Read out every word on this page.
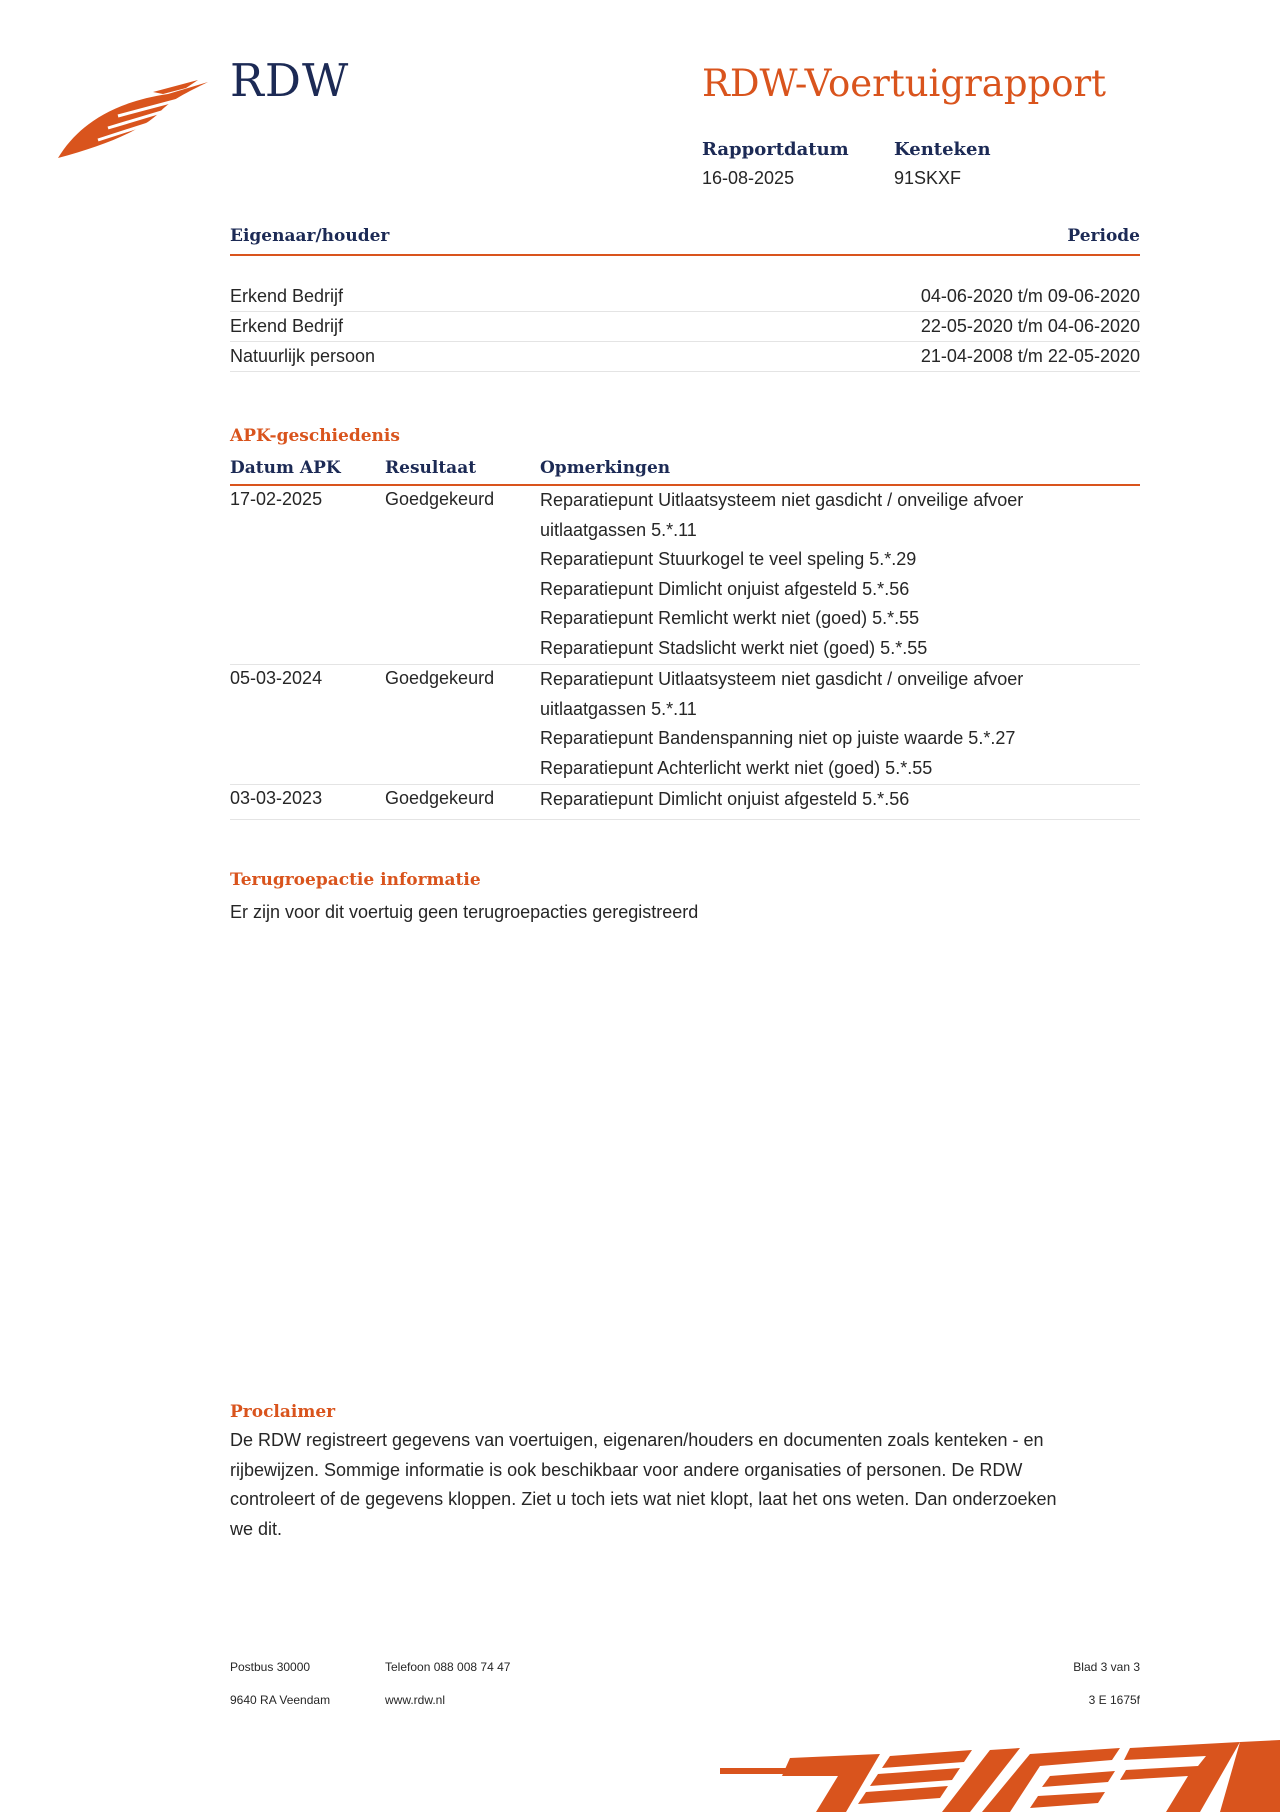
RDW	RDW-Voertuigrapport
Rapportdatum
16-08-2025
Kenteken
91SKXF
Eigenaar/houder	Periode
Erkend Bedrijf	04-06-2020 t/m 09-06-2020
Erkend Bedrijf	22-05-2020 t/m 04-06-2020
Natuurlijk persoon	21-04-2008 t/m 22-05-2020
APK-geschiedenis
Datum APK	Resultaat	Opmerkingen
17-02-2025	Goedgekeurd	Reparatiepunt Uitlaatsysteem niet gasdicht / onveilige afvoer
uitlaatgassen 5.*.11
Reparatiepunt Stuurkogel te veel speling 5.*.29
Reparatiepunt Dimlicht onjuist afgesteld 5.*.56
Reparatiepunt Remlicht werkt niet (goed) 5.*.55
Reparatiepunt Stadslicht werkt niet (goed) 5.*.55
05-03-2024	Goedgekeurd	Reparatiepunt Uitlaatsysteem niet gasdicht / onveilige afvoer
uitlaatgassen 5.*.11
Reparatiepunt Bandenspanning niet op juiste waarde 5.*.27
Reparatiepunt Achterlicht werkt niet (goed) 5.*.55
03-03-2023	Goedgekeurd	Reparatiepunt Dimlicht onjuist afgesteld 5.*.56
Terugroepactie informatie
Er zijn voor dit voertuig geen terugroepacties geregistreerd
Proclaimer
De RDW registreert gegevens van voertuigen, eigenaren/houders en documenten zoals kenteken - en
rijbewijzen. Sommige informatie is ook beschikbaar voor andere organisaties of personen. De RDW
controleert of de gegevens kloppen. Ziet u toch iets wat niet klopt, laat het ons weten. Dan onderzoeken
we dit.
Postbus 30000
9640 RA Veendam
Telefoon 088 008 74 47
www.rdw.nl
Blad 3 van 3
3 E 1675f
